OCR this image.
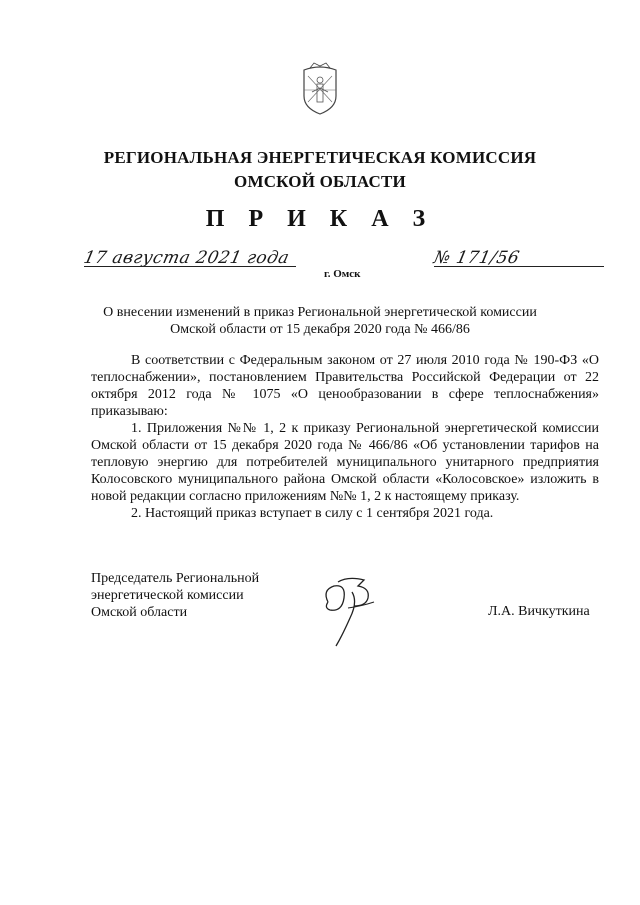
РЕГИОНАЛЬНАЯ ЭНЕРГЕТИЧЕСКАЯ КОМИССИЯ
ОМСКОЙ ОБЛАСТИ
П Р И К А З
17 августа 2021 года	№ 171/56
г. Омск
О внесении изменений в приказ Региональной энергетической комиссии
Омской области от 15 декабря 2020 года № 466/86

В соответствии с Федеральным законом от 27 июля 2010 года № 190-ФЗ «О теплоснабжении», постановлением Правительства Российской Федерации от 22 октября 2012 года № 1075 «О ценообразовании в сфере теплоснабжения» приказываю:

1. Приложения №№ 1, 2 к приказу Региональной энергетической комиссии Омской области от 15 декабря 2020 года № 466/86 «Об установлении тарифов на тепловую энергию для потребителей муниципального унитарного предприятия Колосовского муниципального района Омской области «Колосовское» изложить в новой редакции согласно приложениям №№ 1, 2 к настоящему приказу.

2. Настоящий приказ вступает в силу с 1 сентября 2021 года.

Председатель Региональной
энергетической комиссии
Омской области	Л.А. Вичкуткина
